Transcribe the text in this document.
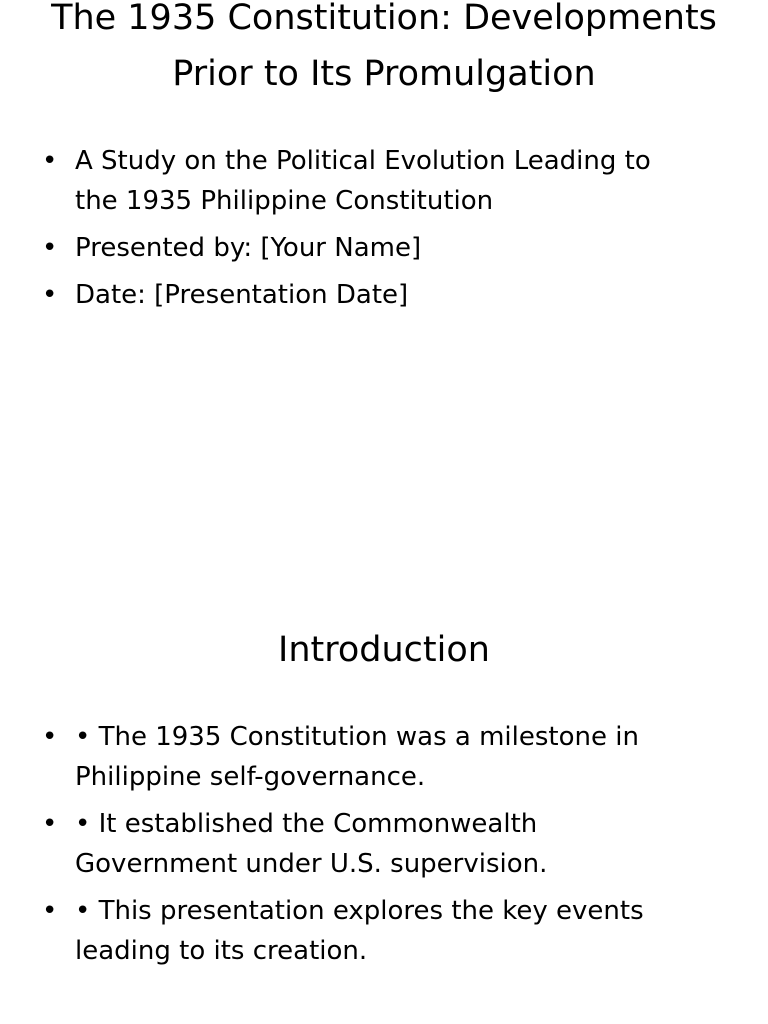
The 1935 Constitution: Developments Prior to Its Promulgation
• A Study on the Political Evolution Leading to the 1935 Philippine Constitution
• Presented by: [Your Name]
• Date: [Presentation Date]
Introduction
• • The 1935 Constitution was a milestone in Philippine self-governance.
• • It established the Commonwealth Government under U.S. supervision.
• • This presentation explores the key events leading to its creation.
